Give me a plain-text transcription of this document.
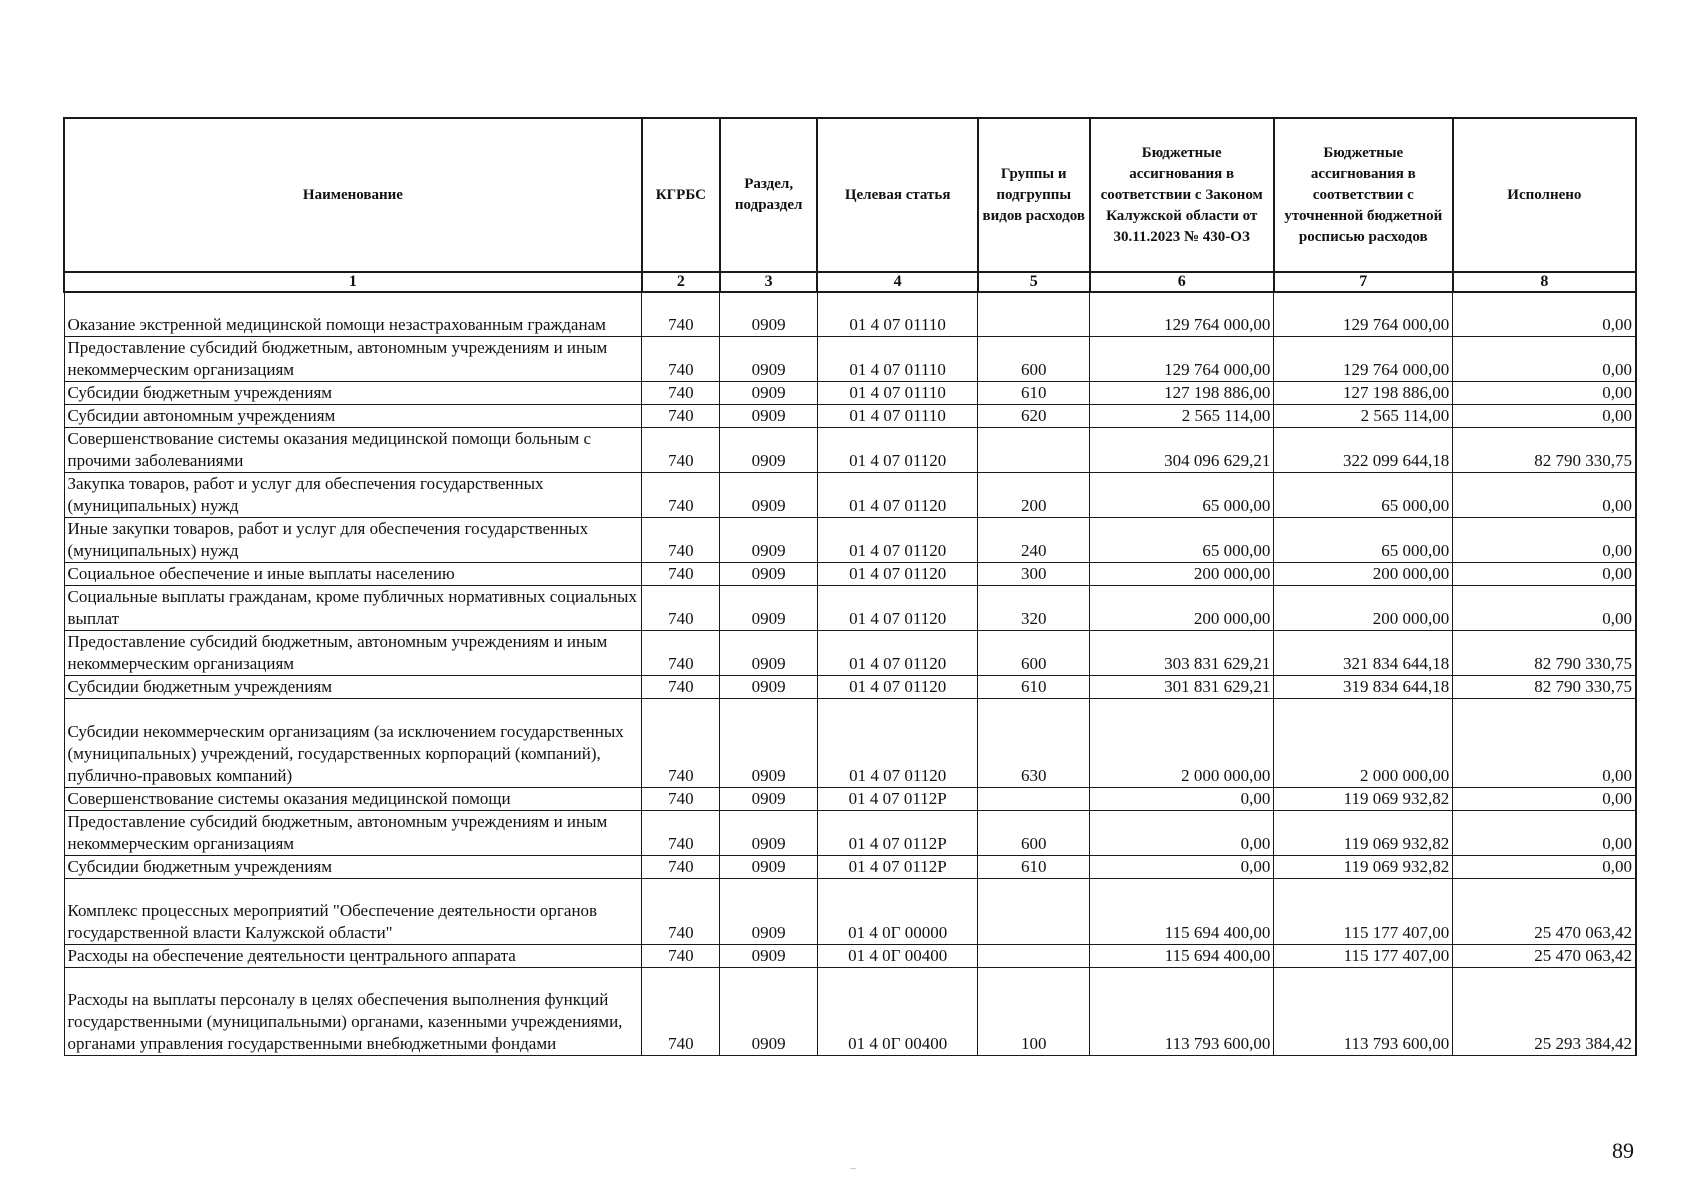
Наименование	КГРБС	Раздел, подраздел	Целевая статья	Группы и подгруппы видов расходов	Бюджетные ассигнования в соответствии с Законом Калужской области от 30.11.2023 № 430-ОЗ	Бюджетные ассигнования в соответствии с уточненной бюджетной росписью расходов	Исполнено
1	2	3	4	5	6	7	8
Оказание экстренной медицинской помощи незастрахованным гражданам	740	0909	01 4 07 01110		129 764 000,00	129 764 000,00	0,00
Предоставление субсидий бюджетным, автономным учреждениям и иным некоммерческим организациям	740	0909	01 4 07 01110	600	129 764 000,00	129 764 000,00	0,00
Субсидии бюджетным учреждениям	740	0909	01 4 07 01110	610	127 198 886,00	127 198 886,00	0,00
Субсидии автономным учреждениям	740	0909	01 4 07 01110	620	2 565 114,00	2 565 114,00	0,00
Совершенствование системы оказания медицинской помощи больным с прочими заболеваниями	740	0909	01 4 07 01120		304 096 629,21	322 099 644,18	82 790 330,75
Закупка товаров, работ и услуг для обеспечения государственных (муниципальных) нужд	740	0909	01 4 07 01120	200	65 000,00	65 000,00	0,00
Иные закупки товаров, работ и услуг для обеспечения государственных (муниципальных) нужд	740	0909	01 4 07 01120	240	65 000,00	65 000,00	0,00
Социальное обеспечение и иные выплаты населению	740	0909	01 4 07 01120	300	200 000,00	200 000,00	0,00
Социальные выплаты гражданам, кроме публичных нормативных социальных выплат	740	0909	01 4 07 01120	320	200 000,00	200 000,00	0,00
Предоставление субсидий бюджетным, автономным учреждениям и иным некоммерческим организациям	740	0909	01 4 07 01120	600	303 831 629,21	321 834 644,18	82 790 330,75
Субсидии бюджетным учреждениям	740	0909	01 4 07 01120	610	301 831 629,21	319 834 644,18	82 790 330,75
Субсидии некоммерческим организациям (за исключением государственных (муниципальных) учреждений, государственных корпораций (компаний), публично-правовых компаний)	740	0909	01 4 07 01120	630	2 000 000,00	2 000 000,00	0,00
Совершенствование системы оказания медицинской помощи	740	0909	01 4 07 0112Р		0,00	119 069 932,82	0,00
Предоставление субсидий бюджетным, автономным учреждениям и иным некоммерческим организациям	740	0909	01 4 07 0112Р	600	0,00	119 069 932,82	0,00
Субсидии бюджетным учреждениям	740	0909	01 4 07 0112Р	610	0,00	119 069 932,82	0,00
Комплекс процессных мероприятий "Обеспечение деятельности органов государственной власти Калужской области"	740	0909	01 4 0Г 00000		115 694 400,00	115 177 407,00	25 470 063,42
Расходы на обеспечение деятельности центрального аппарата	740	0909	01 4 0Г 00400		115 694 400,00	115 177 407,00	25 470 063,42
Расходы на выплаты персоналу в целях обеспечения выполнения функций государственными (муниципальными) органами, казенными учреждениями, органами управления государственными внебюджетными фондами	740	0909	01 4 0Г 00400	100	113 793 600,00	113 793 600,00	25 293 384,42
89
